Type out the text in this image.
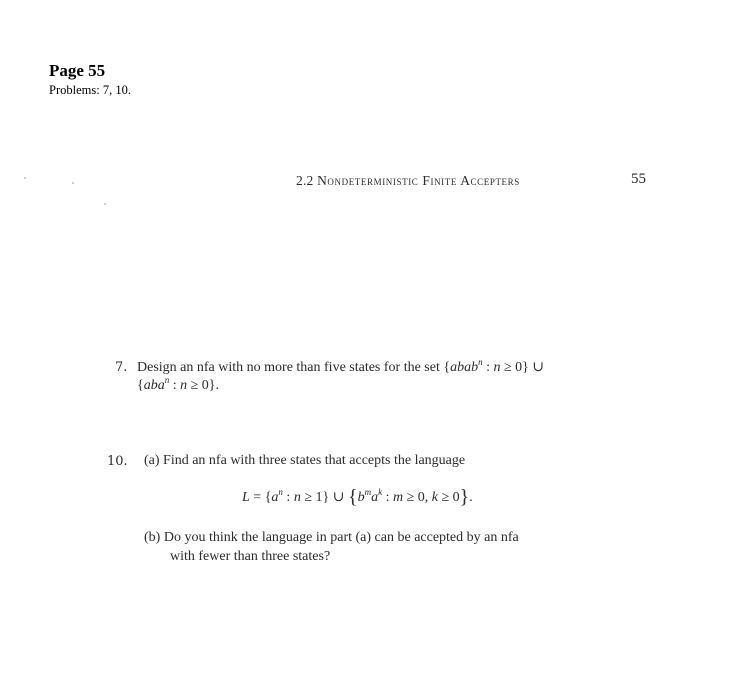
Page 55
Problems: 7, 10.
2.2 Nondeterministic Finite Accepters	55
7. Design an nfa with no more than five states for the set {abab$^n$ : n ≥ 0} ∪
{aba$^n$ : n ≥ 0}.
10. (a) Find an nfa with three states that accepts the language
$L = \{a^n$ : n ≥ 1} ∪ {$b^ma^k$ : m ≥ 0, k ≥ 0}.
(b) Do you think the language in part (a) can be accepted by an nfa
with fewer than three states?
